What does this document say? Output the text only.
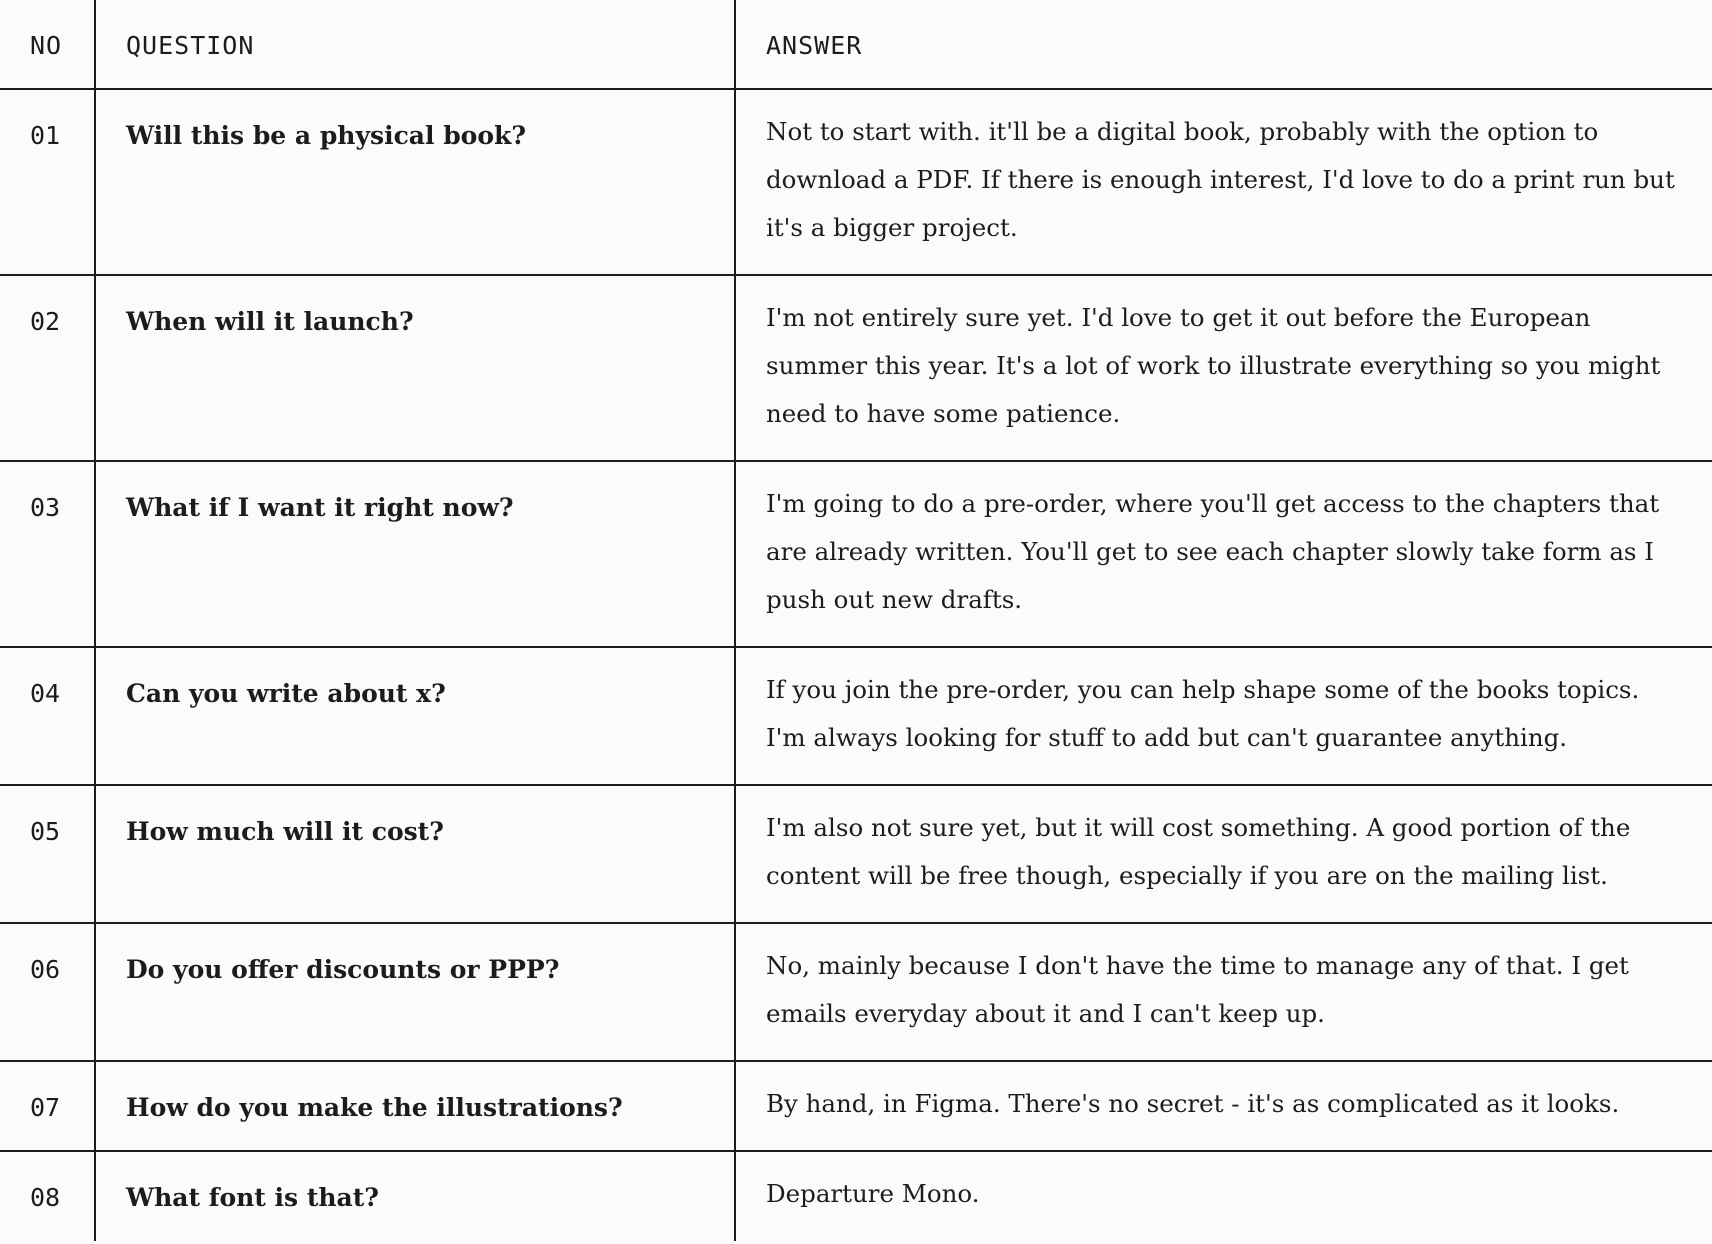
NO	QUESTION	ANSWER
01	Will this be a physical book?	Not to start with. it'll be a digital book, probably with the option to download a PDF. If there is enough interest, I'd love to do a print run but it's a bigger project.
02	When will it launch?	I'm not entirely sure yet. I'd love to get it out before the European summer this year. It's a lot of work to illustrate everything so you might need to have some patience.
03	What if I want it right now?	I'm going to do a pre-order, where you'll get access to the chapters that are already written. You'll get to see each chapter slowly take form as I push out new drafts.
04	Can you write about x?	If you join the pre-order, you can help shape some of the books topics. I'm always looking for stuff to add but can't guarantee anything.
05	How much will it cost?	I'm also not sure yet, but it will cost something. A good portion of the content will be free though, especially if you are on the mailing list.
06	Do you offer discounts or PPP?	No, mainly because I don't have the time to manage any of that. I get emails everyday about it and I can't keep up.
07	How do you make the illustrations?	By hand, in Figma. There's no secret - it's as complicated as it looks.
08	What font is that?	Departure Mono.
